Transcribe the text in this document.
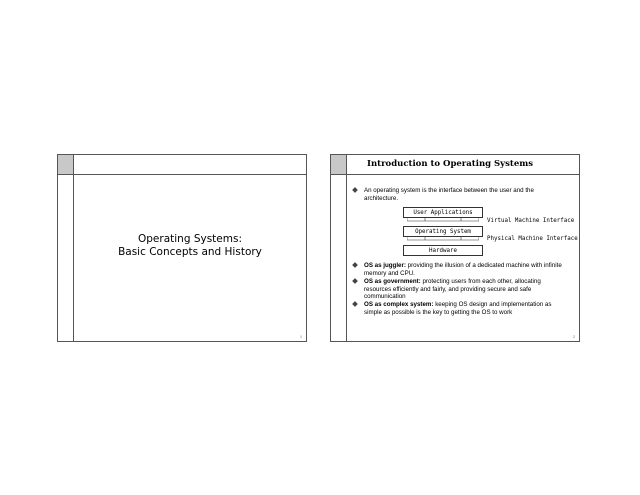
Operating Systems:
Basic Concepts and History
1
Introduction to Operating Systems
An operating system is the interface between the user and the architecture.
User Applications
Virtual Machine Interface
Operating System
Physical Machine Interface
Hardware
OS as juggler: providing the illusion of a dedicated machine with infinite memory and CPU.
OS as government: protecting users from each other, allocating resources efficiently and fairly, and providing secure and safe communication
OS as complex system: keeping OS design and implementation as simple as possible is the key to getting the OS to work
2
